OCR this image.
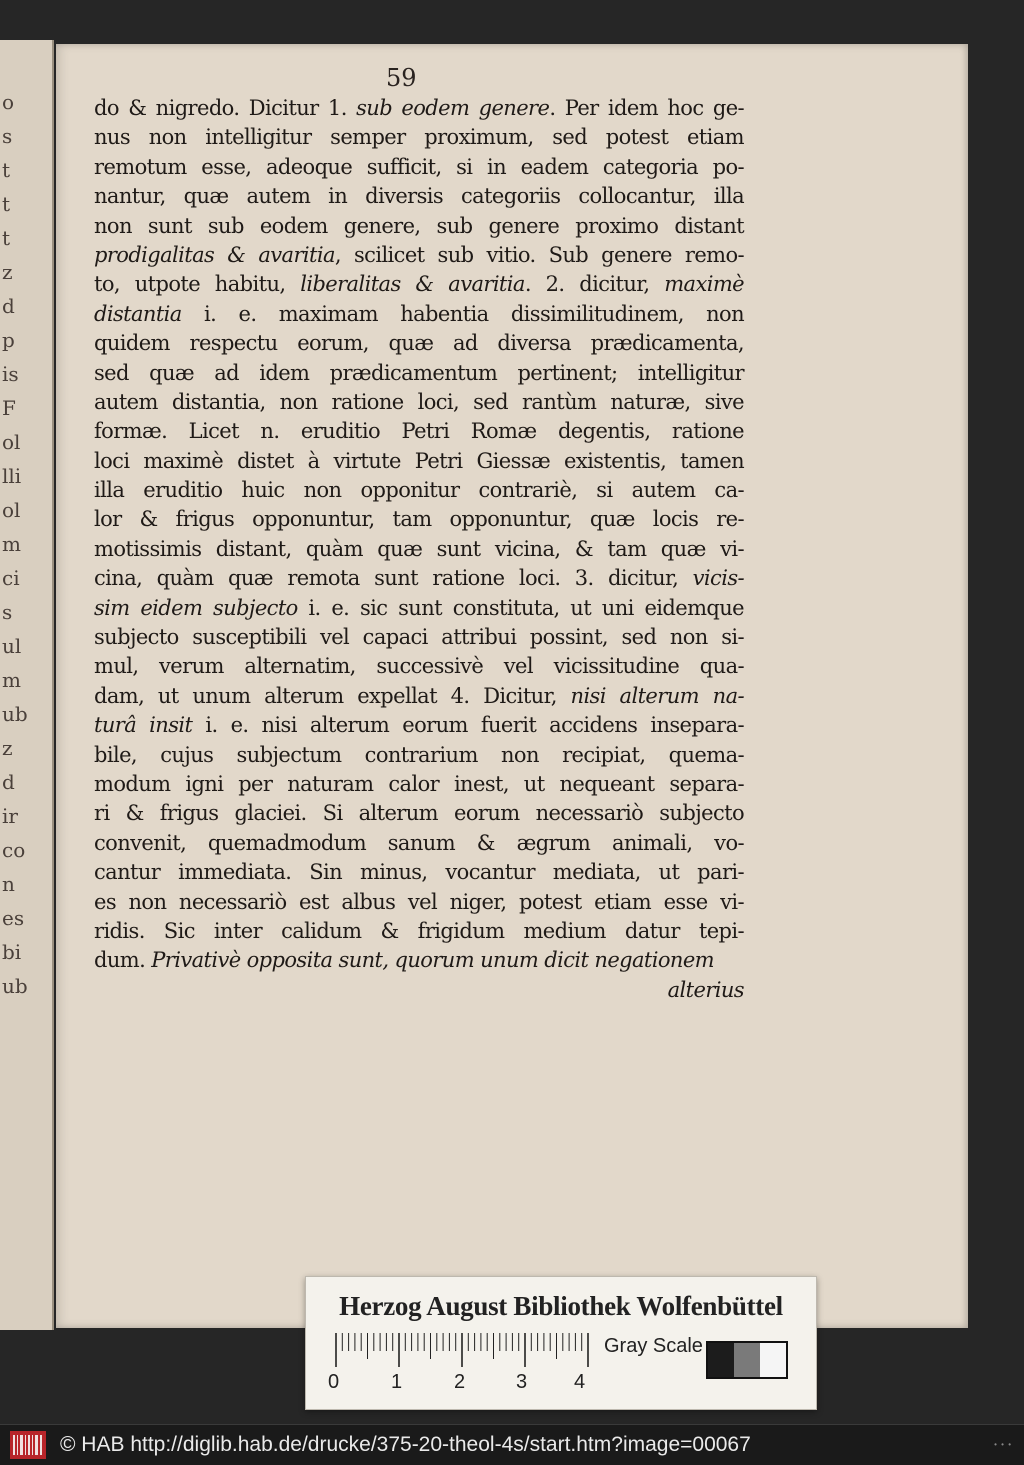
o
s
t
t
t
z
d
p
is
F
ol
lli
ol
m
ci
s
ul
m
ub
z
d
ir
co
n
es
bi
ub
59
do & nigredo. Dicitur 1. sub eodem genere. Per idem hoc ge-
nus non intelligitur semper proximum, sed potest etiam
remotum esse, adeoque sufficit, si in eadem categoria po-
nantur, quæ autem in diversis categoriis collocantur, illa
non sunt sub eodem genere, sub genere proximo distant
prodigalitas & avaritia, scilicet sub vitio. Sub genere remo-
to, utpote habitu, liberalitas & avaritia. 2. dicitur, maximè
distantia i. e. maximam habentia dissimilitudinem, non
quidem respectu eorum, quæ ad diversa prædicamenta,
sed quæ ad idem prædicamentum pertinent; intelligitur
autem distantia, non ratione loci, sed rantùm naturæ, sive
formæ. Licet n. eruditio Petri Romæ degentis, ratione
loci maximè distet à virtute Petri Giessæ existentis, tamen
illa eruditio huic non opponitur contrariè, si autem ca-
lor & frigus opponuntur, tam opponuntur, quæ locis re-
motissimis distant, quàm quæ sunt vicina, & tam quæ vi-
cina, quàm quæ remota sunt ratione loci. 3. dicitur, vicis-
sim eidem subjecto i. e. sic sunt constituta, ut uni eidemque
subjecto susceptibili vel capaci attribui possint, sed non si-
mul, verum alternatim, successivè vel vicissitudine qua-
dam, ut unum alterum expellat 4. Dicitur, nisi alterum na-
turâ insit i. e. nisi alterum eorum fuerit accidens insepara-
bile, cujus subjectum contrarium non recipiat, quema-
modum igni per naturam calor inest, ut nequeant separa-
ri & frigus glaciei. Si alterum eorum necessariò subjecto
convenit, quemadmodum sanum & ægrum animali, vo-
cantur immediata. Sin minus, vocantur mediata, ut pari-
es non necessariò est albus vel niger, potest etiam esse vi-
ridis. Sic inter calidum & frigidum medium datur tepi-
dum. Privativè opposita sunt, quorum unum dicit negationem
alterius
Herzog August Bibliothek Wolfenbüttel
0	1	2	3 4
Gray Scale
© HAB http://diglib.hab.de/drucke/375-20-theol-4s/start.htm?image=00067	• • •
